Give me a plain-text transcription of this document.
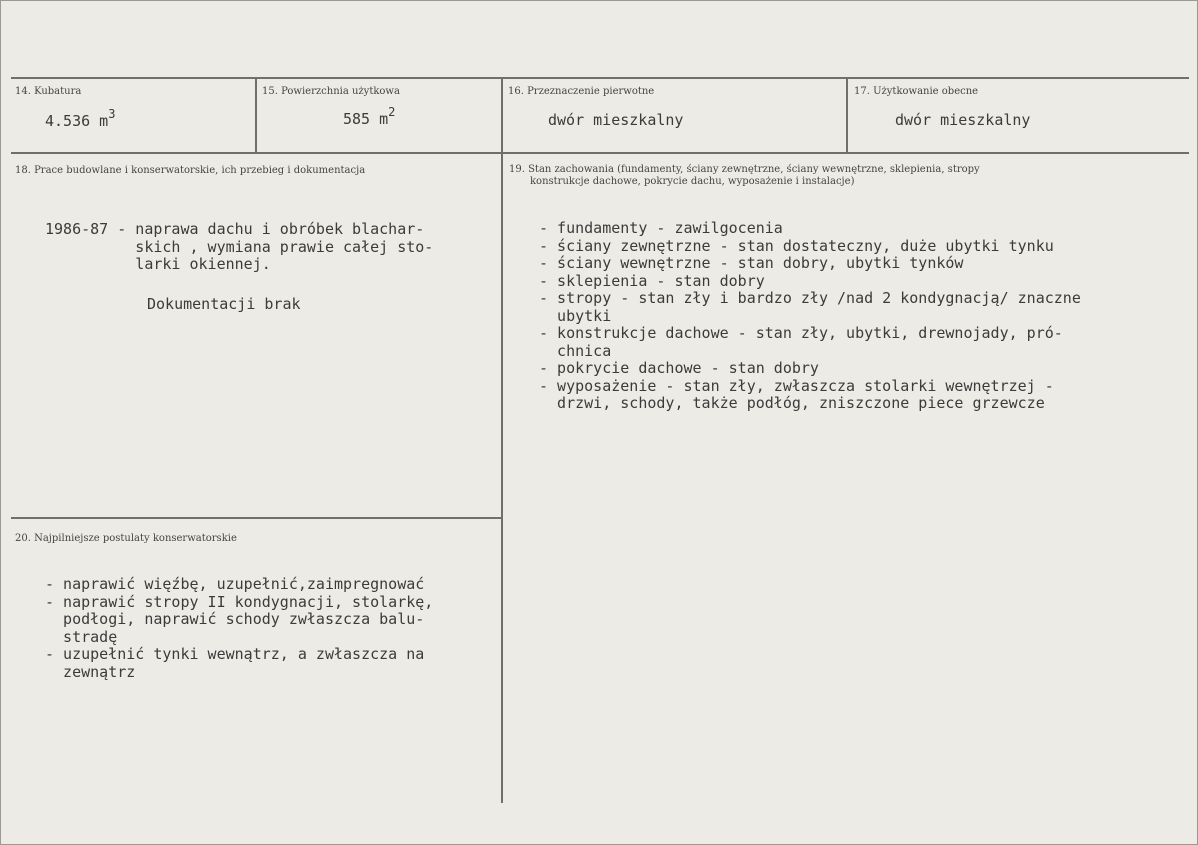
14. Kubatura
4.536 $m^3$
15. Powierzchnia użytkowa
585 $m^2$
16. Przeznaczenie pierwotne
dwór mieszkalny
17. Użytkowanie obecne
dwór mieszkalny
18. Prace budowlane i konserwatorskie, ich przebieg i dokumentacja
1986-87 - naprawa dachu i obróbek blachar-
skich , wymiana prawie całej sto-
larki okiennej.
Dokumentacji brak
19. Stan zachowania (fundamenty, ściany zewnętrzne, ściany wewnętrzne, sklepienia, stropy
konstrukcje dachowe, pokrycie dachu, wyposażenie i instalacje)
- fundamenty - zawilgocenia
- ściany zewnętrzne - stan dostateczny, duże ubytki tynku
- ściany wewnętrzne - stan dobry, ubytki tynków
- sklepienia - stan dobry
- stropy - stan zły i bardzo zły /nad 2 kondygnacją/ znaczne
ubytki
- konstrukcje dachowe - stan zły, ubytki, drewnojady, pró-
chnica
- pokrycie dachowe - stan dobry
- wyposażenie - stan zły, zwłaszcza stolarki wewnętrzej -
drzwi, schody, także podłóg, zniszczone piece grzewcze
20. Najpilniejsze postulaty konserwatorskie
- naprawić więźbę, uzupełnić,zaimpregnować
- naprawić stropy II kondygnacji, stolarkę,
podłogi, naprawić schody zwłaszcza balu-
stradę
- uzupełnić tynki wewnątrz, a zwłaszcza na
zewnątrz
